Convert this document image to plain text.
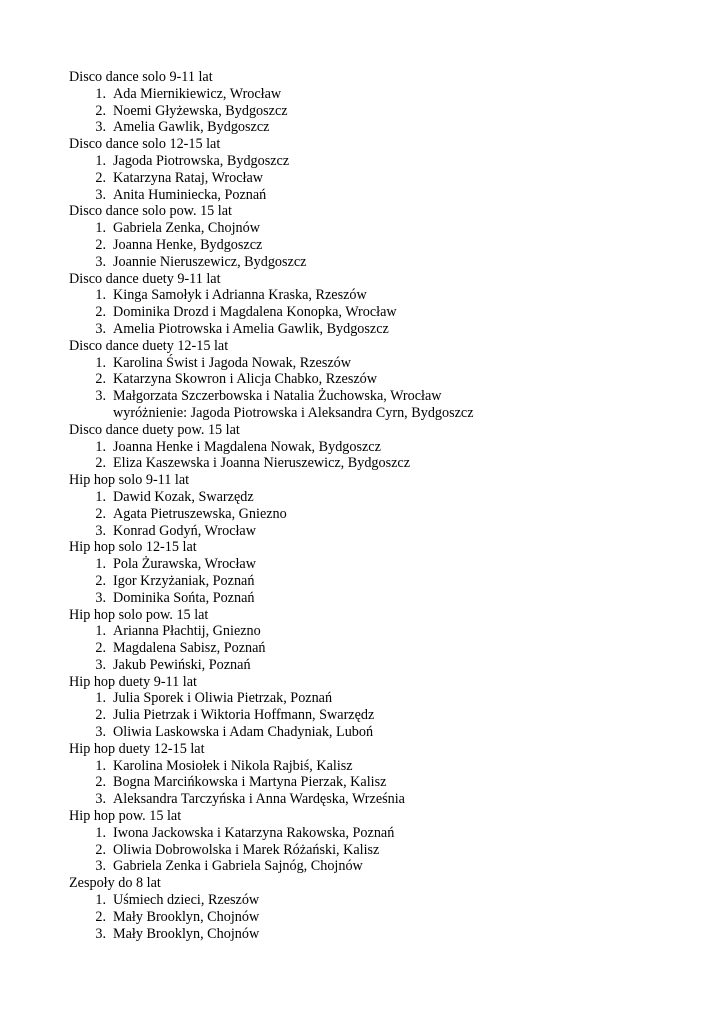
Disco dance solo 9-11 lat
1. Ada Miernikiewicz, Wrocław
2. Noemi Głyżewska, Bydgoszcz
3. Amelia Gawlik, Bydgoszcz
Disco dance solo 12-15 lat
1. Jagoda Piotrowska, Bydgoszcz
2. Katarzyna Rataj, Wrocław
3. Anita Huminiecka, Poznań
Disco dance solo pow. 15 lat
1. Gabriela Zenka, Chojnów
2. Joanna Henke, Bydgoszcz
3. Joannie Nieruszewicz, Bydgoszcz
Disco dance duety 9-11 lat
1. Kinga Samołyk i Adrianna Kraska, Rzeszów
2. Dominika Drozd i Magdalena Konopka, Wrocław
3. Amelia Piotrowska i Amelia Gawlik, Bydgoszcz
Disco dance duety 12-15 lat
1. Karolina Świst i Jagoda Nowak, Rzeszów
2. Katarzyna Skowron i Alicja Chabko, Rzeszów
3. Małgorzata Szczerbowska i Natalia Żuchowska, Wrocław
wyróżnienie: Jagoda Piotrowska i Aleksandra Cyrn, Bydgoszcz
Disco dance duety pow. 15 lat
1. Joanna Henke i Magdalena Nowak, Bydgoszcz
2. Eliza Kaszewska i Joanna Nieruszewicz, Bydgoszcz
Hip hop solo 9-11 lat
1. Dawid Kozak, Swarzędz
2. Agata Pietruszewska, Gniezno
3. Konrad Godyń, Wrocław
Hip hop solo 12-15 lat
1. Pola Żurawska, Wrocław
2. Igor Krzyżaniak, Poznań
3. Dominika Sońta, Poznań
Hip hop solo pow. 15 lat
1. Arianna Płachtij, Gniezno
2. Magdalena Sabisz, Poznań
3. Jakub Pewiński, Poznań
Hip hop duety 9-11 lat
1. Julia Sporek i Oliwia Pietrzak, Poznań
2. Julia Pietrzak i Wiktoria Hoffmann, Swarzędz
3. Oliwia Laskowska i Adam Chadyniak, Luboń
Hip hop duety 12-15 lat
1. Karolina Mosiołek i Nikola Rajbiś, Kalisz
2. Bogna Marcińkowska i Martyna Pierzak, Kalisz
3. Aleksandra Tarczyńska i Anna Wardęska, Września
Hip hop pow. 15 lat
1. Iwona Jackowska i Katarzyna Rakowska, Poznań
2. Oliwia Dobrowolska i Marek Różański, Kalisz
3. Gabriela Zenka i Gabriela Sajnóg, Chojnów
Zespoły do 8 lat
1. Uśmiech dzieci, Rzeszów
2. Mały Brooklyn, Chojnów
3. Mały Brooklyn, Chojnów
